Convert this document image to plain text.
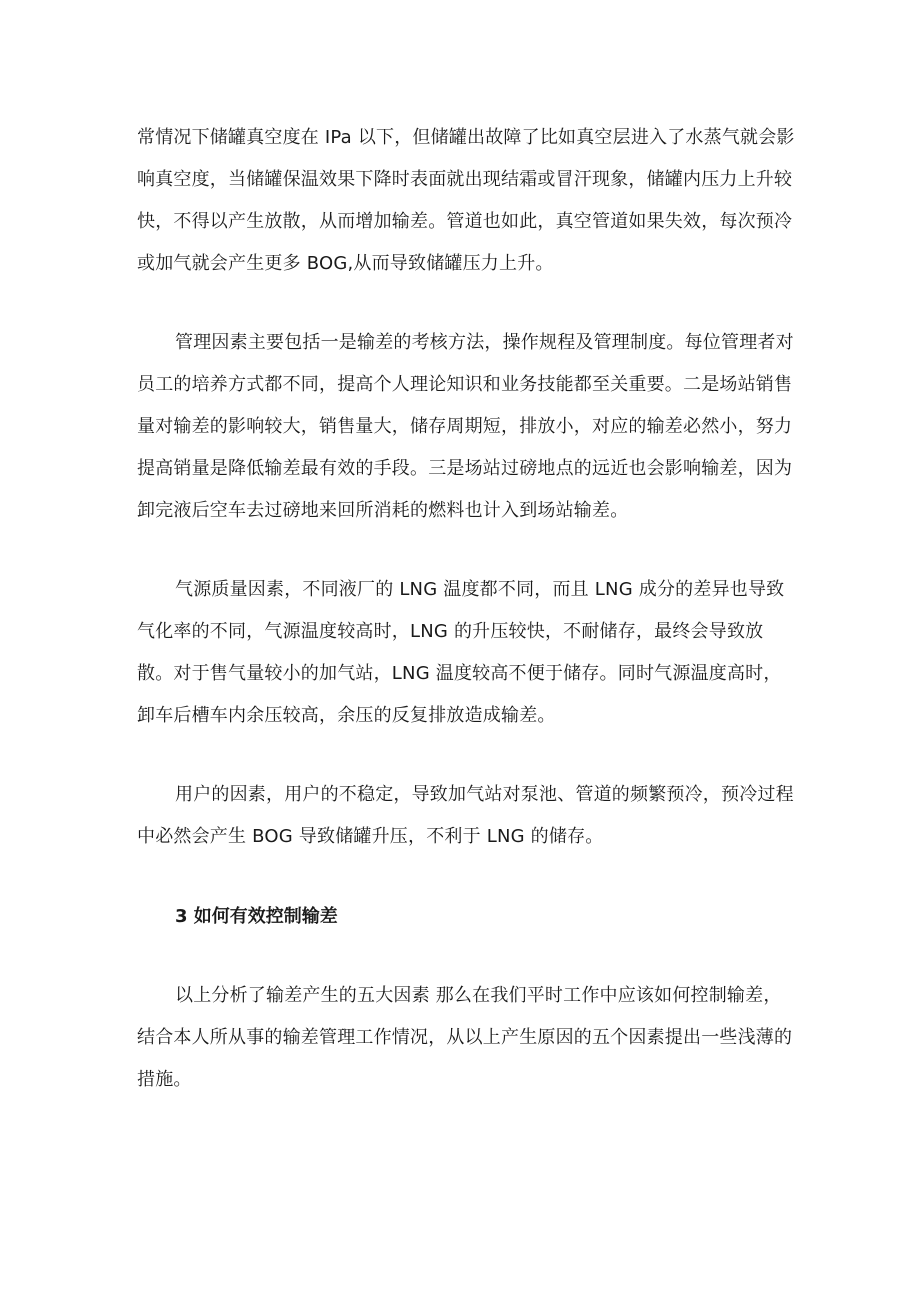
常情况下储罐真空度在 IPa 以下，但储罐出故障了比如真空层进入了水蒸气就会影响真空度，当储罐保温效果下降时表面就出现结霜或冒汗现象，储罐内压力上升较快，不得以产生放散，从而增加输差。管道也如此，真空管道如果失效，每次预冷或加气就会产生更多 BOG,从而导致储罐压力上升。

管理因素主要包括一是输差的考核方法，操作规程及管理制度。每位管理者对员工的培养方式都不同，提高个人理论知识和业务技能都至关重要。二是场站销售量对输差的影响较大，销售量大，储存周期短，排放小，对应的输差必然小，努力提高销量是降低输差最有效的手段。三是场站过磅地点的远近也会影响输差，因为卸完液后空车去过磅地来回所消耗的燃料也计入到场站输差。

气源质量因素，不同液厂的 LNG 温度都不同，而且 LNG 成分的差异也导致气化率的不同，气源温度较高时，LNG 的升压较快，不耐储存，最终会导致放散。对于售气量较小的加气站，LNG 温度较高不便于储存。同时气源温度高时，卸车后槽车内余压较高，余压的反复排放造成输差。

用户的因素，用户的不稳定，导致加气站对泵池、管道的频繁预冷，预冷过程中必然会产生 BOG 导致储罐升压，不利于 LNG 的储存。

3 如何有效控制输差

以上分析了输差产生的五大因素 那么在我们平时工作中应该如何控制输差，结合本人所从事的输差管理工作情况，从以上产生原因的五个因素提出一些浅薄的措施。
